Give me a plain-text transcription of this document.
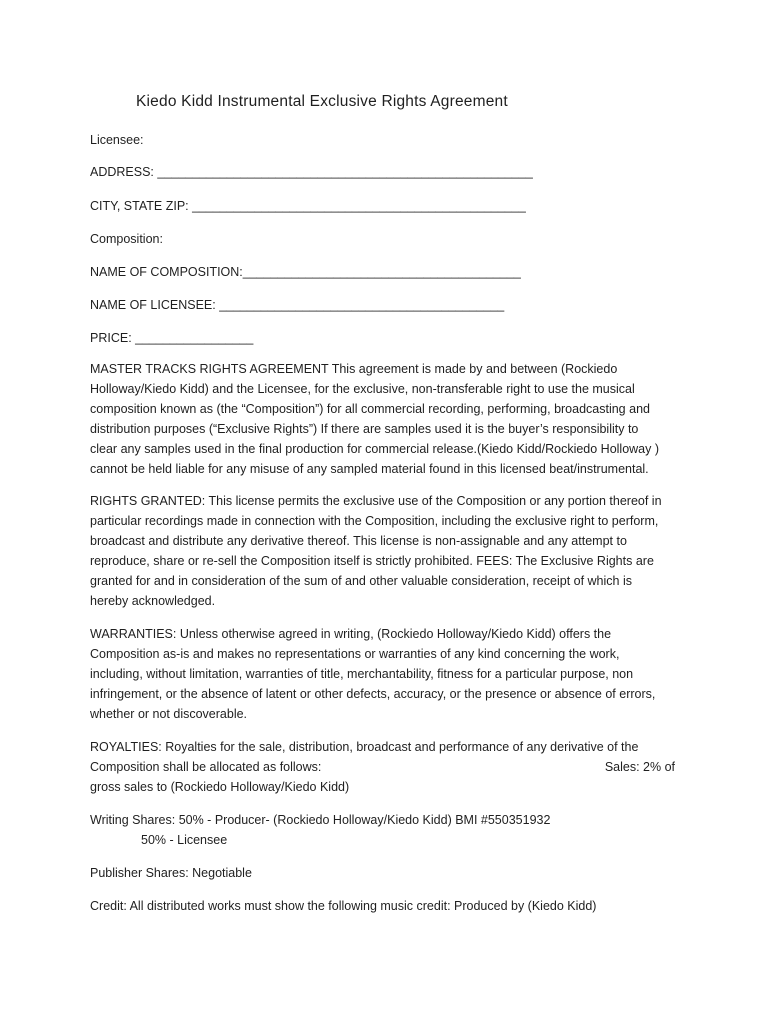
Kiedo Kidd Instrumental Exclusive Rights Agreement
Licensee:
ADDRESS: ______________________________________________________
CITY, STATE ZIP: ________________________________________________
Composition:
NAME OF COMPOSITION:________________________________________
NAME OF LICENSEE: _________________________________________
PRICE: _________________

MASTER TRACKS RIGHTS AGREEMENT This agreement is made by and between (Rockiedo

Holloway/Kiedo Kidd) and the Licensee, for the exclusive, non-transferable right to use the musical

composition known as (the “Composition”) for all commercial recording, performing, broadcasting and

distribution purposes (“Exclusive Rights”) If there are samples used it is the buyer’s responsibility to

clear any samples used in the final production for commercial release.(Kiedo Kidd/Rockiedo Holloway )

cannot be held liable for any misuse of any sampled material found in this licensed beat/instrumental.

RIGHTS GRANTED: This license permits the exclusive use of the Composition or any portion thereof in

particular recordings made in connection with the Composition, including the exclusive right to perform,

broadcast and distribute any derivative thereof. This license is non-assignable and any attempt to

reproduce, share or re-sell the Composition itself is strictly prohibited. FEES: The Exclusive Rights are

granted for and in consideration of the sum of and other valuable consideration, receipt of which is

hereby acknowledged.

WARRANTIES: Unless otherwise agreed in writing, (Rockiedo Holloway/Kiedo Kidd) offers the

Composition as-is and makes no representations or warranties of any kind concerning the work,

including, without limitation, warranties of title, merchantability, fitness for a particular purpose, non

infringement, or the absence of latent or other defects, accuracy, or the presence or absence of errors,

whether or not discoverable.

ROYALTIES: Royalties for the sale, distribution, broadcast and performance of any derivative of the

Composition shall be allocated as follows:	Sales: 2% of

gross sales to (Rockiedo Holloway/Kiedo Kidd)

Writing Shares: 50% - Producer- (Rockiedo Holloway/Kiedo Kidd) BMI #550351932

50% - Licensee

Publisher Shares: Negotiable
Credit: All distributed works must show the following music credit: Produced by (Kiedo Kidd)
